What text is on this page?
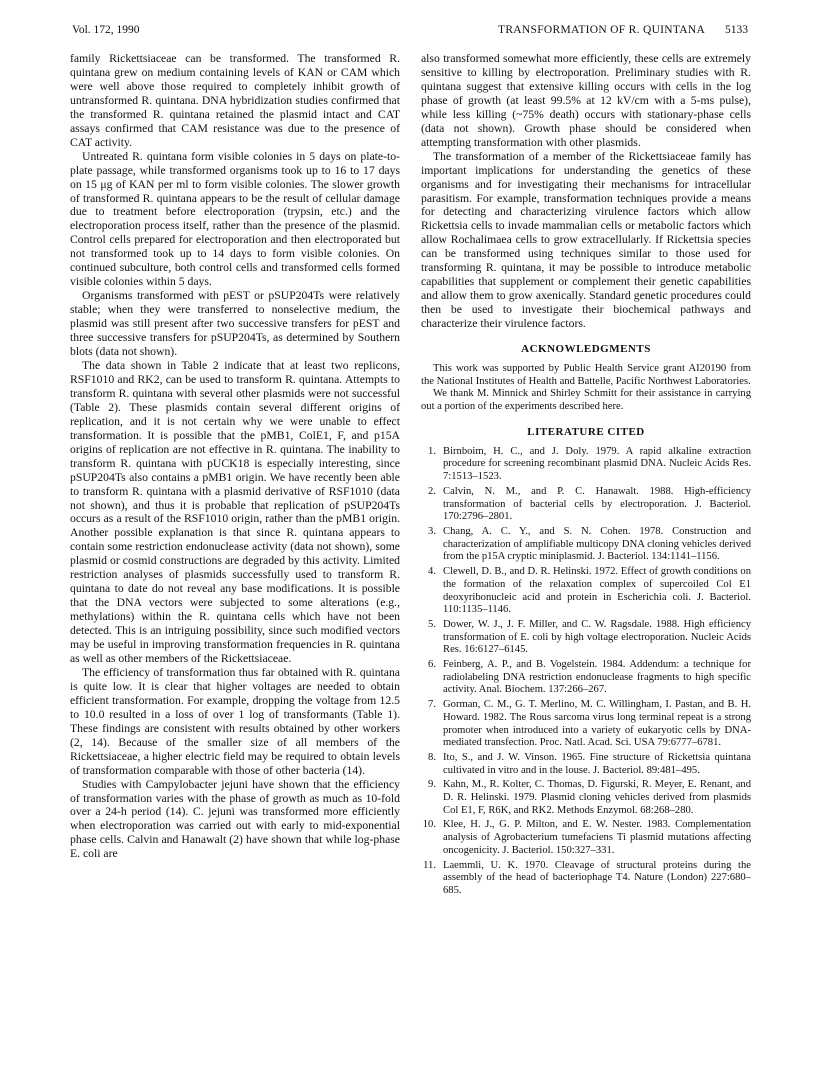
Vol. 172, 1990	TRANSFORMATION OF R. QUINTANA 5133

family Rickettsiaceae can be transformed. The transformed R. quintana grew on medium containing levels of KAN or CAM which were well above those required to completely inhibit growth of untransformed R. quintana. DNA hybridization studies confirmed that the transformed R. quintana retained the plasmid intact and CAT assays confirmed that CAM resistance was due to the presence of CAT activity.

Untreated R. quintana form visible colonies in 5 days on plate-to-plate passage, while transformed organisms took up to 16 to 17 days on 15 μg of KAN per ml to form visible colonies. The slower growth of transformed R. quintana appears to be the result of cellular damage due to treatment before electroporation (trypsin, etc.) and the electroporation process itself, rather than the presence of the plasmid. Control cells prepared for electroporation and then electroporated but not transformed took up to 14 days to form visible colonies. On continued subculture, both control cells and transformed cells formed visible colonies within 5 days.

Organisms transformed with pEST or pSUP204Ts were relatively stable; when they were transferred to nonselective medium, the plasmid was still present after two successive transfers for pEST and three successive transfers for pSUP204Ts, as determined by Southern blots (data not shown).

The data shown in Table 2 indicate that at least two replicons, RSF1010 and RK2, can be used to transform R. quintana. Attempts to transform R. quintana with several other plasmids were not successful (Table 2). These plasmids contain several different origins of replication, and it is not certain why we were unable to effect transformation. It is possible that the pMB1, ColE1, F, and p15A origins of replication are not effective in R. quintana. The inability to transform R. quintana with pUCK18 is especially interesting, since pSUP204Ts also contains a pMB1 origin. We have recently been able to transform R. quintana with a plasmid derivative of RSF1010 (data not shown), and thus it is probable that replication of pSUP204Ts occurs as a result of the RSF1010 origin, rather than the pMB1 origin. Another possible explanation is that since R. quintana appears to contain some restriction endonuclease activity (data not shown), some plasmid or cosmid constructions are degraded by this activity. Limited restriction analyses of plasmids successfully used to transform R. quintana to date do not reveal any base modifications. It is possible that the DNA vectors were subjected to some alterations (e.g., methylations) within the R. quintana cells which have not been detected. This is an intriguing possibility, since such modified vectors may be useful in improving transformation frequencies in R. quintana as well as other members of the Rickettsiaceae.

The efficiency of transformation thus far obtained with R. quintana is quite low. It is clear that higher voltages are needed to obtain efficient transformation. For example, dropping the voltage from 12.5 to 10.0 resulted in a loss of over 1 log of transformants (Table 1). These findings are consistent with results obtained by other workers (2, 14). Because of the smaller size of all members of the Rickettsiaceae, a higher electric field may be required to obtain levels of transformation comparable with those of other bacteria (14).

Studies with Campylobacter jejuni have shown that the efficiency of transformation varies with the phase of growth as much as 10-fold over a 24-h period (14). C. jejuni was transformed more efficiently when electroporation was carried out with early to mid-exponential phase cells. Calvin and Hanawalt (2) have shown that while log-phase E. coli are

also transformed somewhat more efficiently, these cells are extremely sensitive to killing by electroporation. Preliminary studies with R. quintana suggest that extensive killing occurs with cells in the log phase of growth (at least 99.5% at 12 kV/cm with a 5-ms pulse), while less killing (~75% death) occurs with stationary-phase cells (data not shown). Growth phase should be considered when attempting transformation with other plasmids.

The transformation of a member of the Rickettsiaceae family has important implications for understanding the genetics of these organisms and for investigating their mechanisms for intracellular parasitism. For example, transformation techniques provide a means for detecting and characterizing virulence factors which allow Rickettsia cells to invade mammalian cells or metabolic factors which allow Rochalimaea cells to grow extracellularly. If Rickettsia species can be transformed using techniques similar to those used for transforming R. quintana, it may be possible to introduce metabolic capabilities that supplement or complement their genetic capabilities and allow them to grow axenically. Standard genetic procedures could then be used to investigate their biochemical pathways and characterize their virulence factors.

ACKNOWLEDGMENTS

This work was supported by Public Health Service grant AI20190 from the National Institutes of Health and Battelle, Pacific Northwest Laboratories.

We thank M. Minnick and Shirley Schmitt for their assistance in carrying out a portion of the experiments described here.

LITERATURE CITED
1. Birnboim, H. C., and J. Doly. 1979. A rapid alkaline extraction procedure for screening recombinant plasmid DNA. Nucleic Acids Res. 7:1513–1523.
2. Calvin, N. M., and P. C. Hanawalt. 1988. High-efficiency transformation of bacterial cells by electroporation. J. Bacteriol. 170:2796–2801.
3. Chang, A. C. Y., and S. N. Cohen. 1978. Construction and characterization of amplifiable multicopy DNA cloning vehicles derived from the p15A cryptic miniplasmid. J. Bacteriol. 134:1141–1156.
4. Clewell, D. B., and D. R. Helinski. 1972. Effect of growth conditions on the formation of the relaxation complex of supercoiled Col E1 deoxyribonucleic acid and protein in Escherichia coli. J. Bacteriol. 110:1135–1146.
5. Dower, W. J., J. F. Miller, and C. W. Ragsdale. 1988. High efficiency transformation of E. coli by high voltage electroporation. Nucleic Acids Res. 16:6127–6145.
6. Feinberg, A. P., and B. Vogelstein. 1984. Addendum: a technique for radiolabeling DNA restriction endonuclease fragments to high specific activity. Anal. Biochem. 137:266–267.
7. Gorman, C. M., G. T. Merlino, M. C. Willingham, I. Pastan, and B. H. Howard. 1982. The Rous sarcoma virus long terminal repeat is a strong promoter when introduced into a variety of eukaryotic cells by DNA-mediated transfection. Proc. Natl. Acad. Sci. USA 79:6777–6781.
8. Ito, S., and J. W. Vinson. 1965. Fine structure of Rickettsia quintana cultivated in vitro and in the louse. J. Bacteriol. 89:481–495.
9. Kahn, M., R. Kolter, C. Thomas, D. Figurski, R. Meyer, E. Renant, and D. R. Helinski. 1979. Plasmid cloning vehicles derived from plasmids Col E1, F, R6K, and RK2. Methods Enzymol. 68:268–280.
10. Klee, H. J., G. P. Milton, and E. W. Nester. 1983. Complementation analysis of Agrobacterium tumefaciens Ti plasmid mutations affecting oncogenicity. J. Bacteriol. 150:327–331.
11. Laemmli, U. K. 1970. Cleavage of structural proteins during the assembly of the head of bacteriophage T4. Nature (London) 227:680–685.
